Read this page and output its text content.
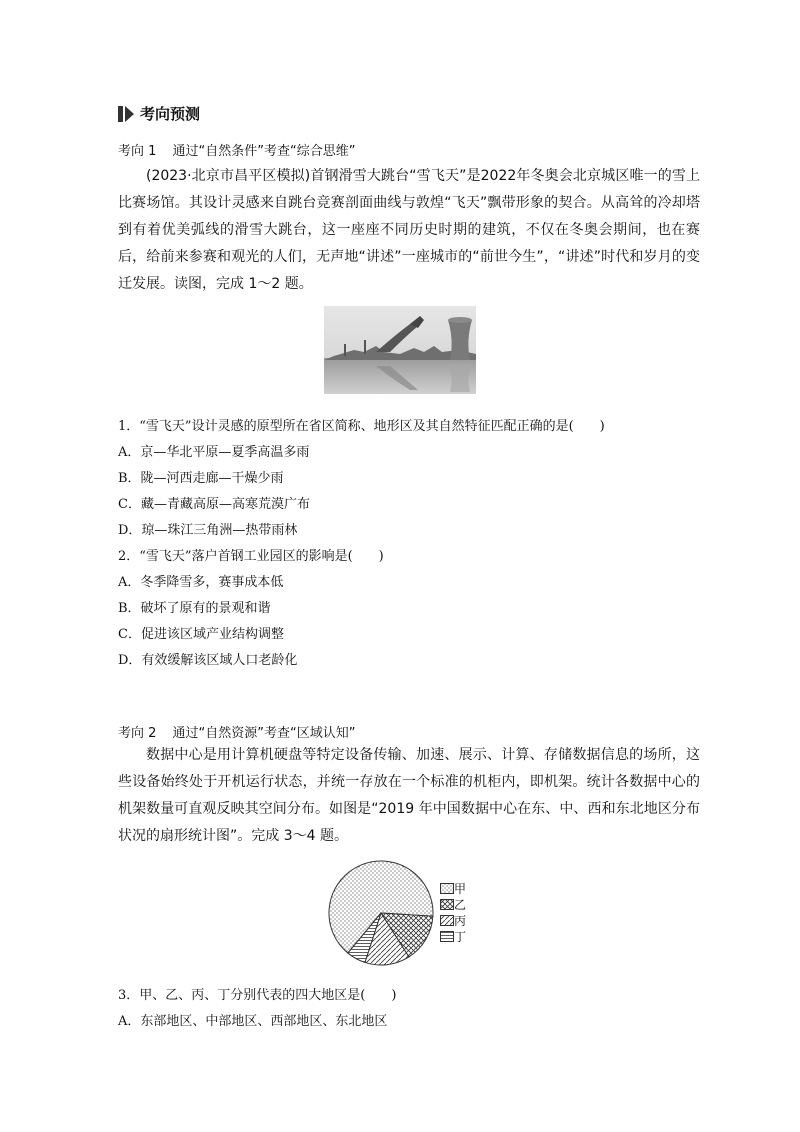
考向预测
考向 1 通过“自然条件”考查“综合思维”
(2023·北京市昌平区模拟)首钢滑雪大跳台“雪飞天”是2022年冬奥会北京城区唯一的雪上比赛场馆。其设计灵感来自跳台竞赛剖面曲线与敦煌“飞天”飘带形象的契合。从高耸的冷却塔到有着优美弧线的滑雪大跳台，这一座座不同历史时期的建筑，不仅在冬奥会期间，也在赛后，给前来参赛和观光的人们，无声地“讲述”一座城市的“前世今生”，“讲述”时代和岁月的变迁发展。读图，完成 1～2 题。
1．“雪飞天”设计灵感的原型所在省区简称、地形区及其自然特征匹配正确的是(　　)
A．京—华北平原—夏季高温多雨
B．陇—河西走廊—干燥少雨
C．藏—青藏高原—高寒荒漠广布
D．琼—珠江三角洲—热带雨林
2．“雪飞天”落户首钢工业园区的影响是(　　)
A．冬季降雪多，赛事成本低
B．破坏了原有的景观和谐
C．促进该区域产业结构调整
D．有效缓解该区域人口老龄化
考向 2 通过“自然资源”考查“区域认知”
数据中心是用计算机硬盘等特定设备传输、加速、展示、计算、存储数据信息的场所，这些设备始终处于开机运行状态，并统一存放在一个标准的机柜内，即机架。统计各数据中心的机架数量可直观反映其空间分布。如图是“2019 年中国数据中心在东、中、西和东北地区分布状况的扇形统计图”。完成 3～4 题。
甲
乙
丙
丁
3．甲、乙、丙、丁分别代表的四大地区是(　　)
A．东部地区、中部地区、西部地区、东北地区
